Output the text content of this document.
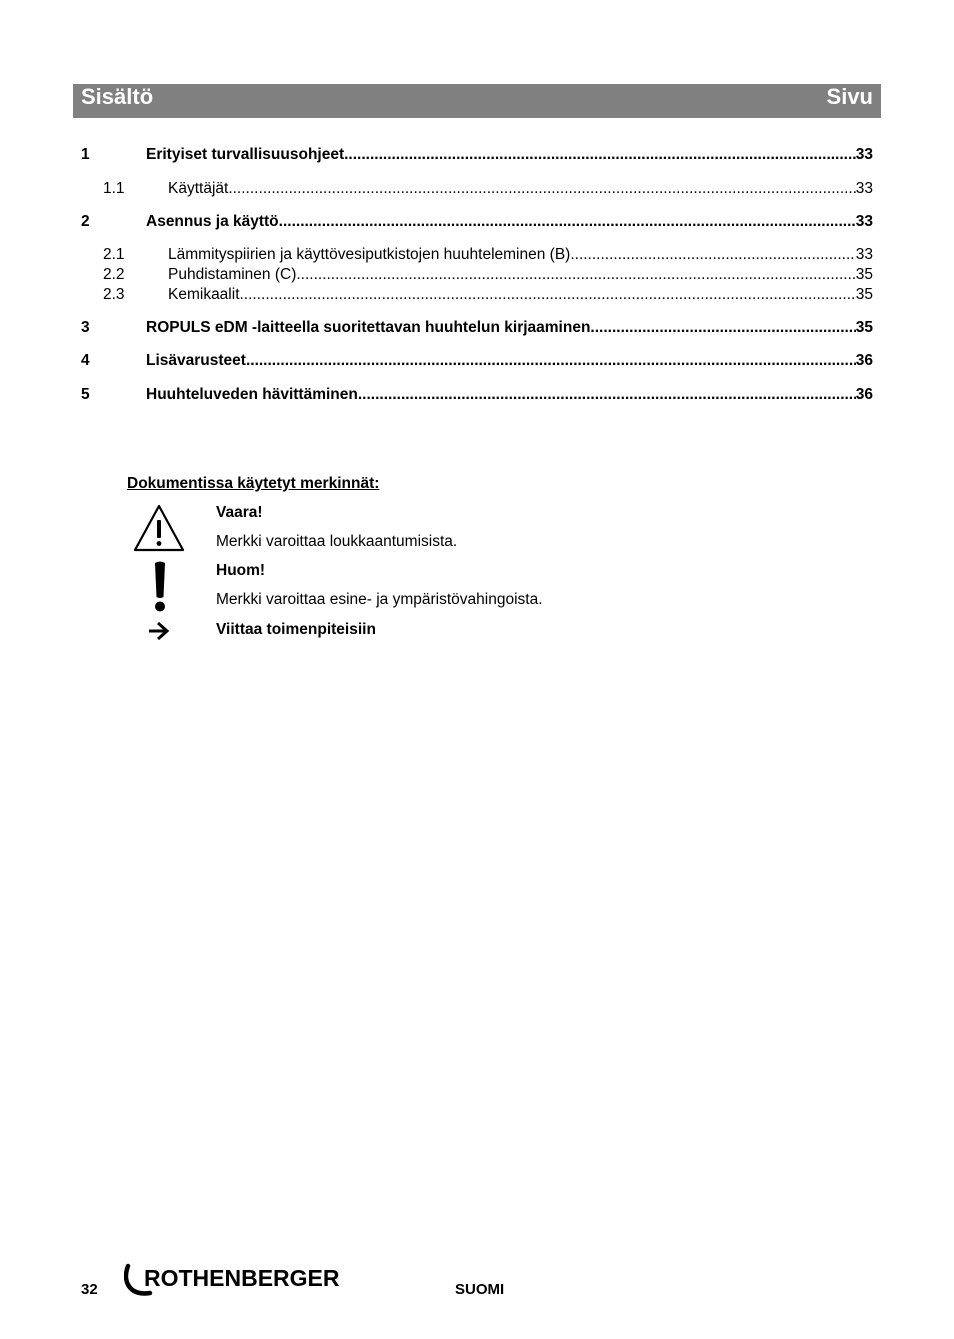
Sisältö	Sivu
1	Erityiset turvallisuusohjeet .....	33
1.1	Käyttäjät .....	33
2	Asennus ja käyttö .....	33
2.1	Lämmityspiirien ja käyttövesiputkistojen huuhteleminen (B) .....	33
2.2	Puhdistaminen (C) .....	35
2.3	Kemikaalit .....	35
3	ROPULS eDM -laitteella suoritettavan huuhtelun kirjaaminen .....	35
4	Lisävarusteet .....	36
5	Huuhteluveden hävittäminen .....	36
Dokumentissa käytetyt merkinnät:
Vaara!
Merkki varoittaa loukkaantumisista.
Huom!
Merkki varoittaa esine- ja ympäristövahingoista.
Viittaa toimenpiteisiin
32 ROTHENBERGER	SUOMI
